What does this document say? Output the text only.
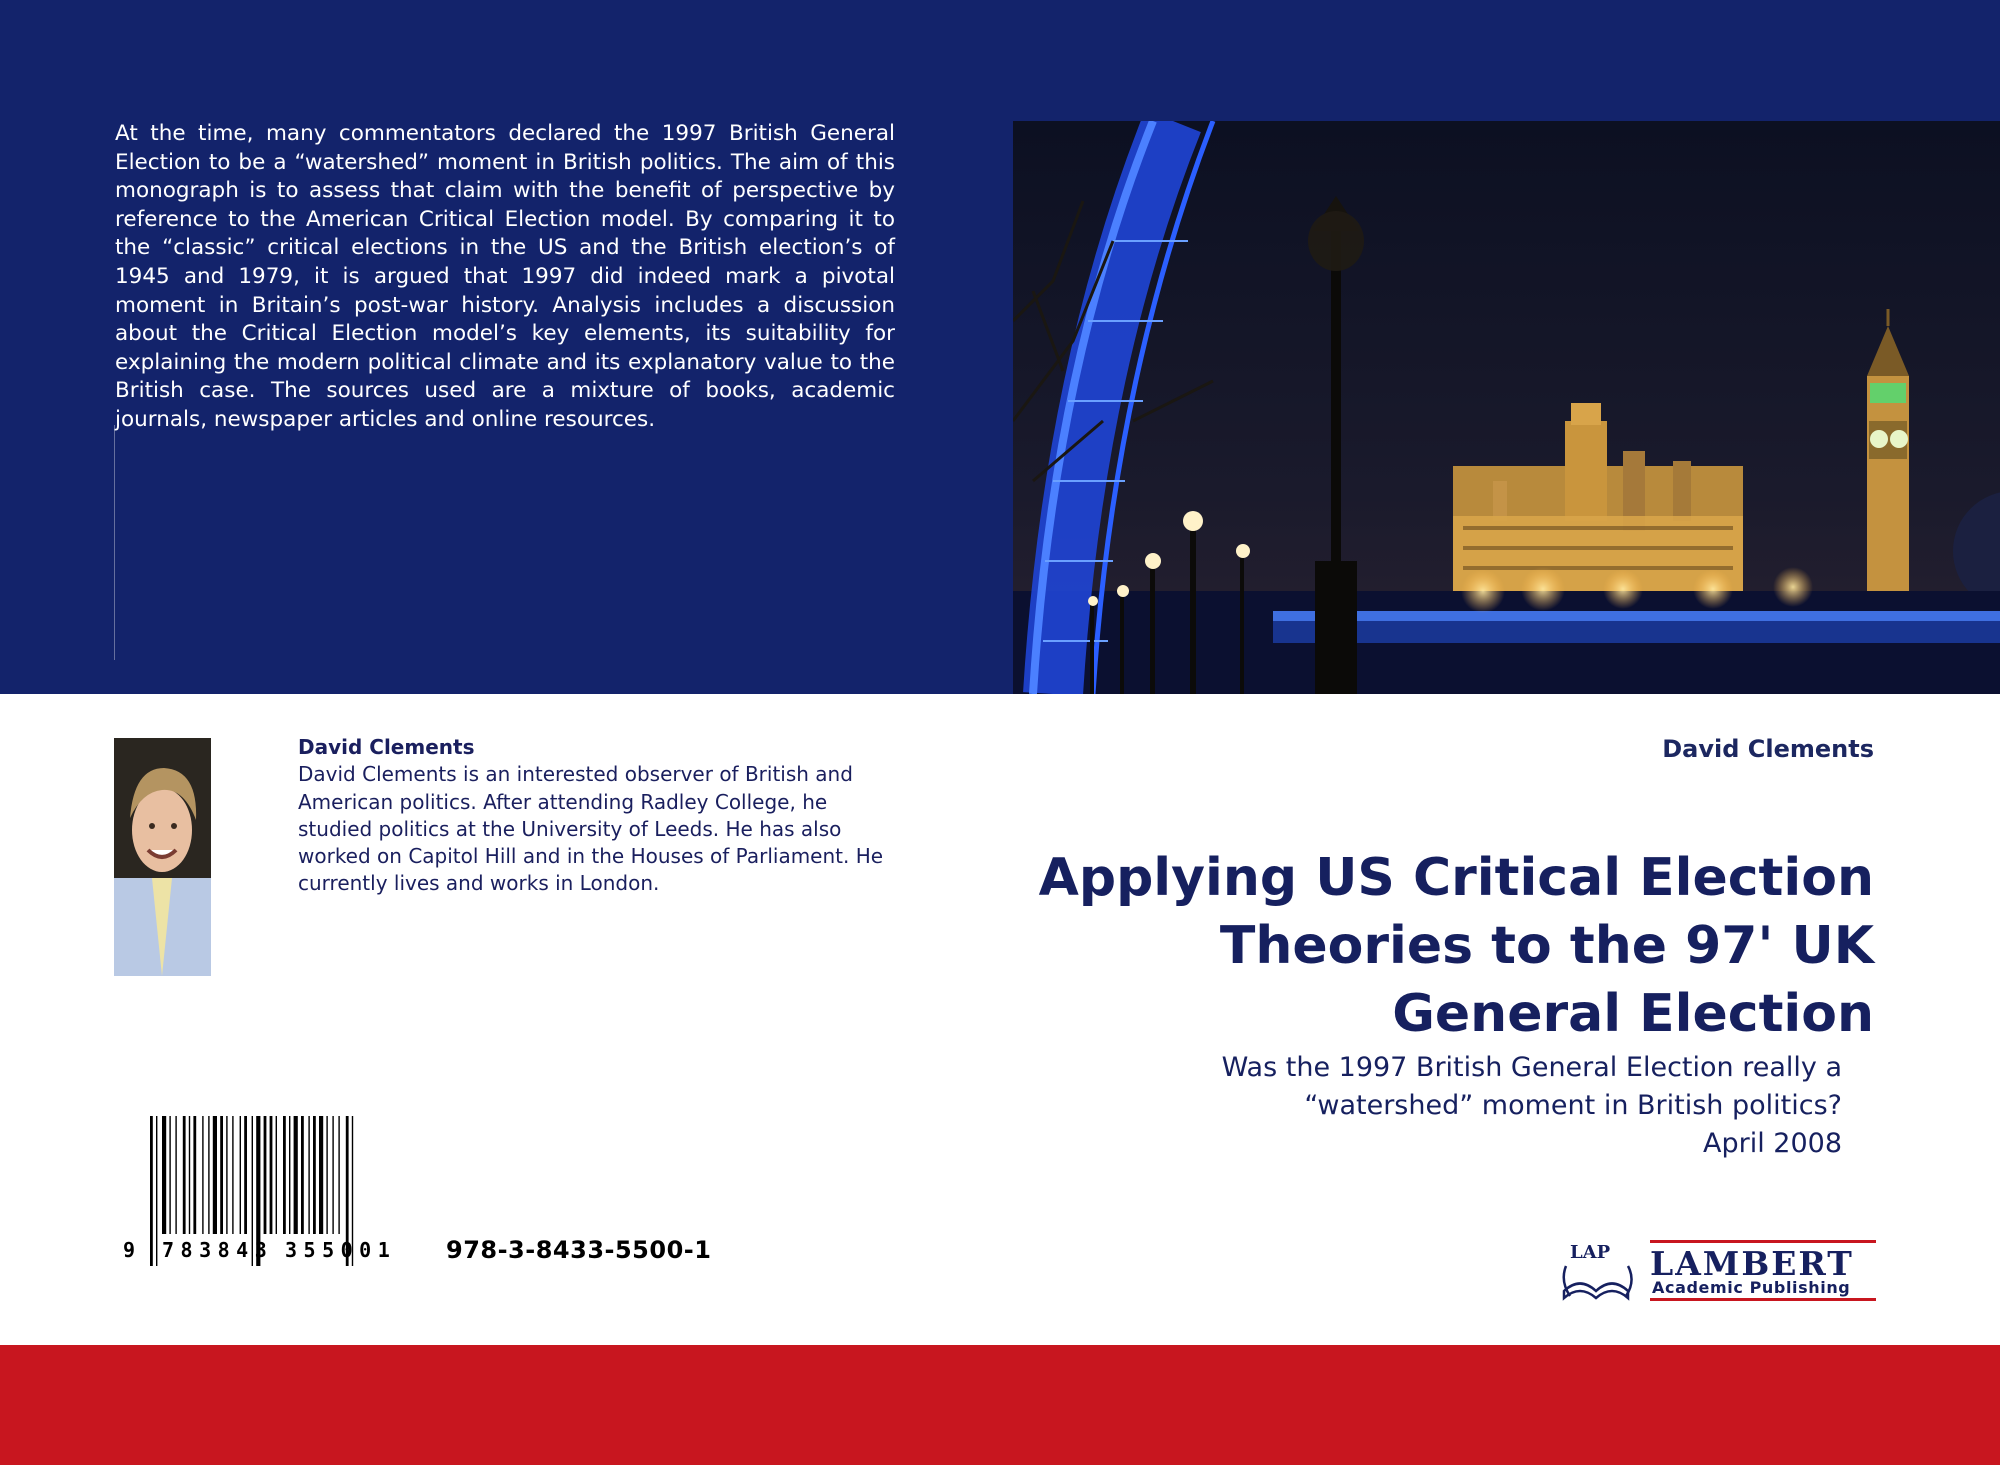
At the time, many commentators declared the 1997 British General Election to be a “watershed” moment in British politics. The aim of this monograph is to assess that claim with the benefit of perspective by reference to the American Critical Election model. By comparing it to the “classic” critical elections in the US and the British election’s of 1945 and 1979, it is argued that 1997 did indeed mark a pivotal moment in Britain’s post-war history. Analysis includes a discussion about the Critical Election model’s key elements, its suitability for explaining the modern political climate and its explanatory value to the British case. The sources used are a mixture of books, academic journals, newspaper articles and online resources.
David Clements
David Clements is an interested observer of British and American politics. After attending Radley College, he studied politics at the University of Leeds. He has also worked on Capitol Hill and in the Houses of Parliament. He currently lives and works in London.
David Clements
Applying US Critical Election
Theories to the 97' UK
General Election
Was the 1997 British General Election really a
“watershed” moment in British politics?
April 2008
9 783843 355001 978-3-8433-5500-1	LAP LAMBERT
Academic Publishing
